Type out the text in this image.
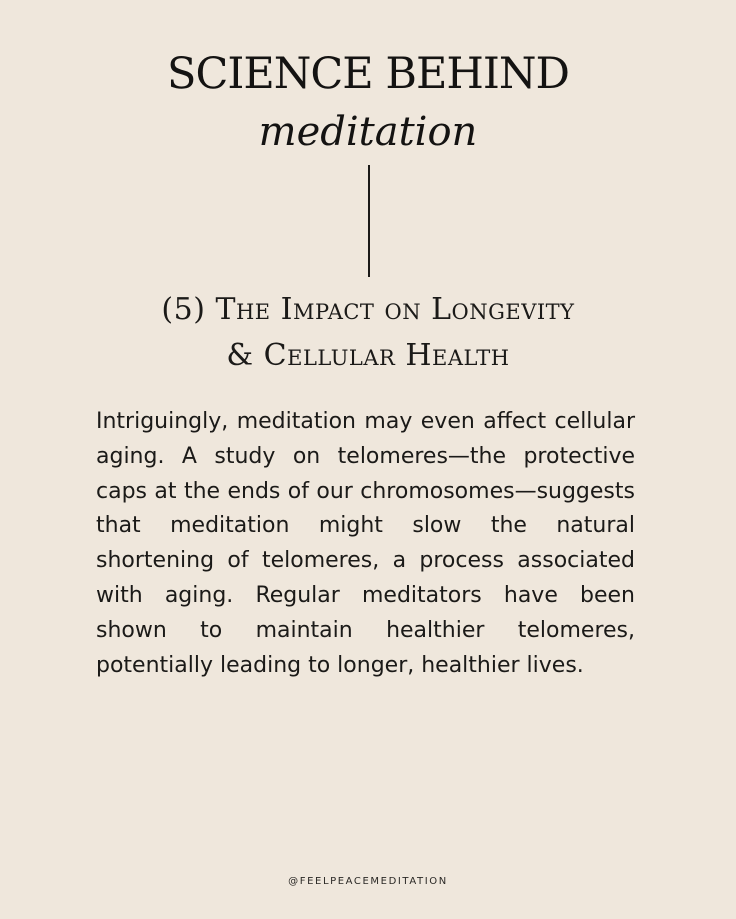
SCIENCE BEHIND
meditation
(5) The Impact on Longevity
& Cellular Health
Intriguingly, meditation may even affect cellular aging. A study on telomeres—the protective caps at the ends of our chromosomes—suggests that meditation might slow the natural shortening of telomeres, a process associated with aging. Regular meditators have been shown to maintain healthier telomeres, potentially leading to longer, healthier lives.
@FEELPEACEMEDITATION
